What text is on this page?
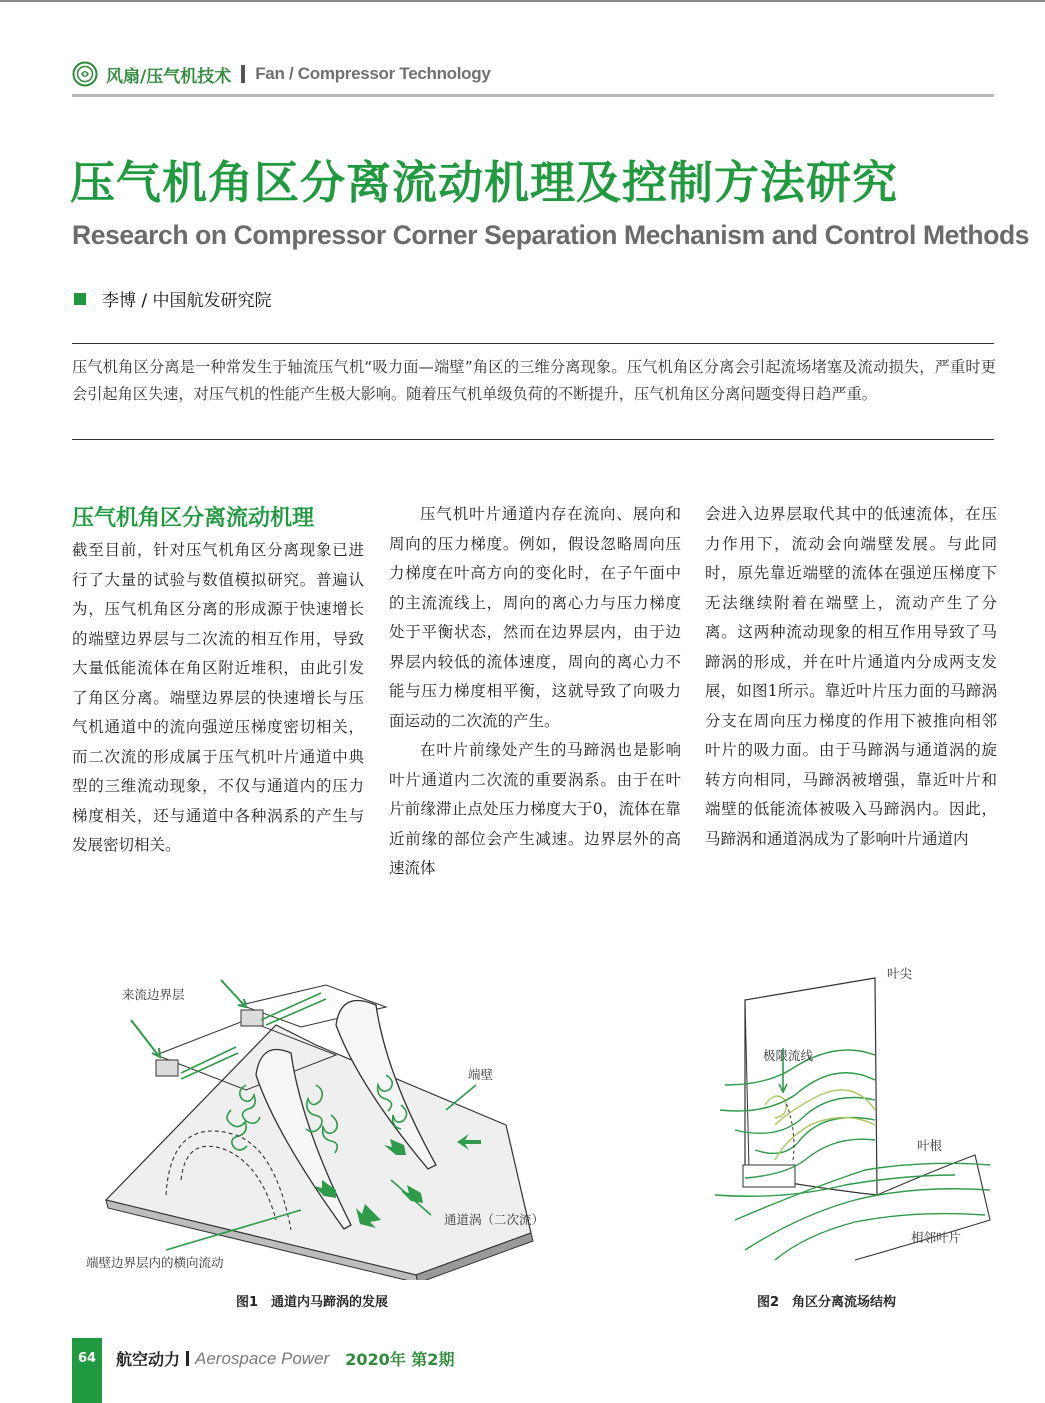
风扇/压气机技术 Fan / Compressor Technology
压气机角区分离流动机理及控制方法研究
Research on Compressor Corner Separation Mechanism and Control Methods
李博 / 中国航发研究院

压气机角区分离是一种常发生于轴流压气机“吸力面—端壁”角区的三维分离现象。压气机角区分离会引起流场堵塞及流动损失，严重时更会引起角区失速，对压气机的性能产生极大影响。随着压气机单级负荷的不断提升，压气机角区分离问题变得日趋严重。

压气机角区分离流动机理

截至目前，针对压气机角区分离现象已进行了大量的试验与数值模拟研究。普遍认为，压气机角区分离的形成源于快速增长的端壁边界层与二次流的相互作用，导致大量低能流体在角区附近堆积，由此引发了角区分离。端壁边界层的快速增长与压气机通道中的流向强逆压梯度密切相关，而二次流的形成属于压气机叶片通道中典型的三维流动现象，不仅与通道内的压力梯度相关，还与通道中各种涡系的产生与发展密切相关。

压气机叶片通道内存在流向、展向和周向的压力梯度。例如，假设忽略周向压力梯度在叶高方向的变化时，在子午面中的主流流线上，周向的离心力与压力梯度处于平衡状态，然而在边界层内，由于边界层内较低的流体速度，周向的离心力不能与压力梯度相平衡，这就导致了向吸力面运动的二次流的产生。

在叶片前缘处产生的马蹄涡也是影响叶片通道内二次流的重要涡系。由于在叶片前缘滞止点处压力梯度大于0，流体在靠近前缘的部位会产生减速。边界层外的高速流体

会进入边界层取代其中的低速流体，在压力作用下，流动会向端壁发展。与此同时，原先靠近端壁的流体在强逆压梯度下无法继续附着在端壁上，流动产生了分离。这两种流动现象的相互作用导致了马蹄涡的形成，并在叶片通道内分成两支发展，如图1所示。靠近叶片压力面的马蹄涡分支在周向压力梯度的作用下被推向相邻叶片的吸力面。由于马蹄涡与通道涡的旋转方向相同，马蹄涡被增强，靠近叶片和端壁的低能流体被吸入马蹄涡内。因此，马蹄涡和通道涡成为了影响叶片通道内

来流边界层
端壁
通道涡（二次流）
端壁边界层内的横向流动
图1　通道内马蹄涡的发展
叶尖
极限流线
叶根
相邻叶片
图2　角区分离流场结构
64	航空动力 Aerospace Power 2020年 第2期
